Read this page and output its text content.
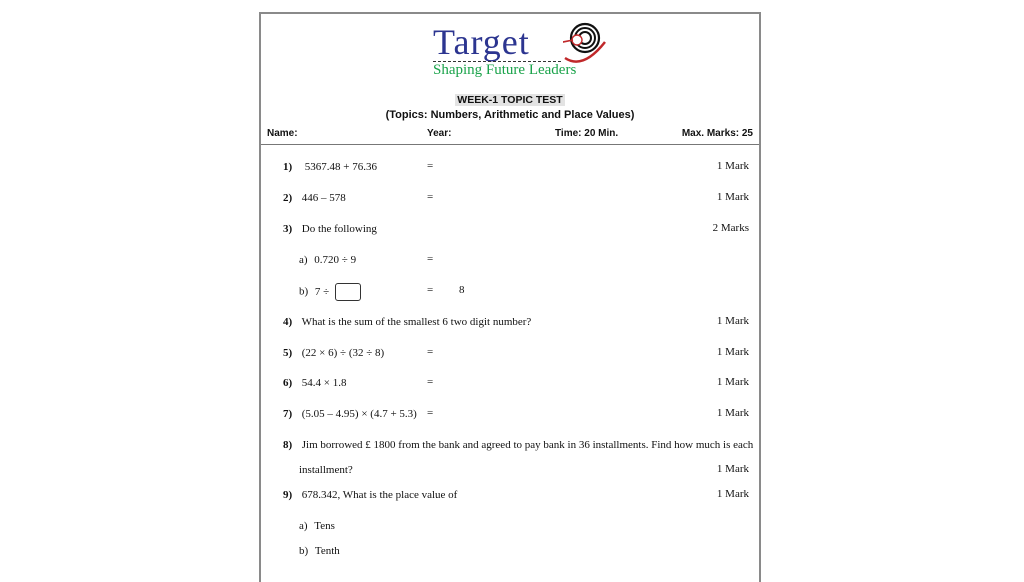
Target
Shaping Future Leaders
WEEK-1 TOPIC TEST
(Topics: Numbers, Arithmetic and Place Values)
Name:	Year:	Time: 20 Min.	Max. Marks: 25
1) 5367.48 + 76.36	=	1 Mark
2) 446 – 578	=	1 Mark
3) Do the following	2 Marks
a) 0.720 ÷ 9	=
b) 7 ÷	= 8
4) What is the sum of the smallest 6 two digit number?	1 Mark
5) (22 × 6) ÷ (32 ÷ 8)	=	1 Mark
6) 54.4 × 1.8	=	1 Mark
7) (5.05 – 4.95) × (4.7 + 5.3) =	1 Mark
8) Jim borrowed £ 1800 from the bank and agreed to pay bank in 36 installments. Find how much is each
installment?	1 Mark
9) 678.342, What is the place value of	1 Mark
a) Tens
b) Tenth
